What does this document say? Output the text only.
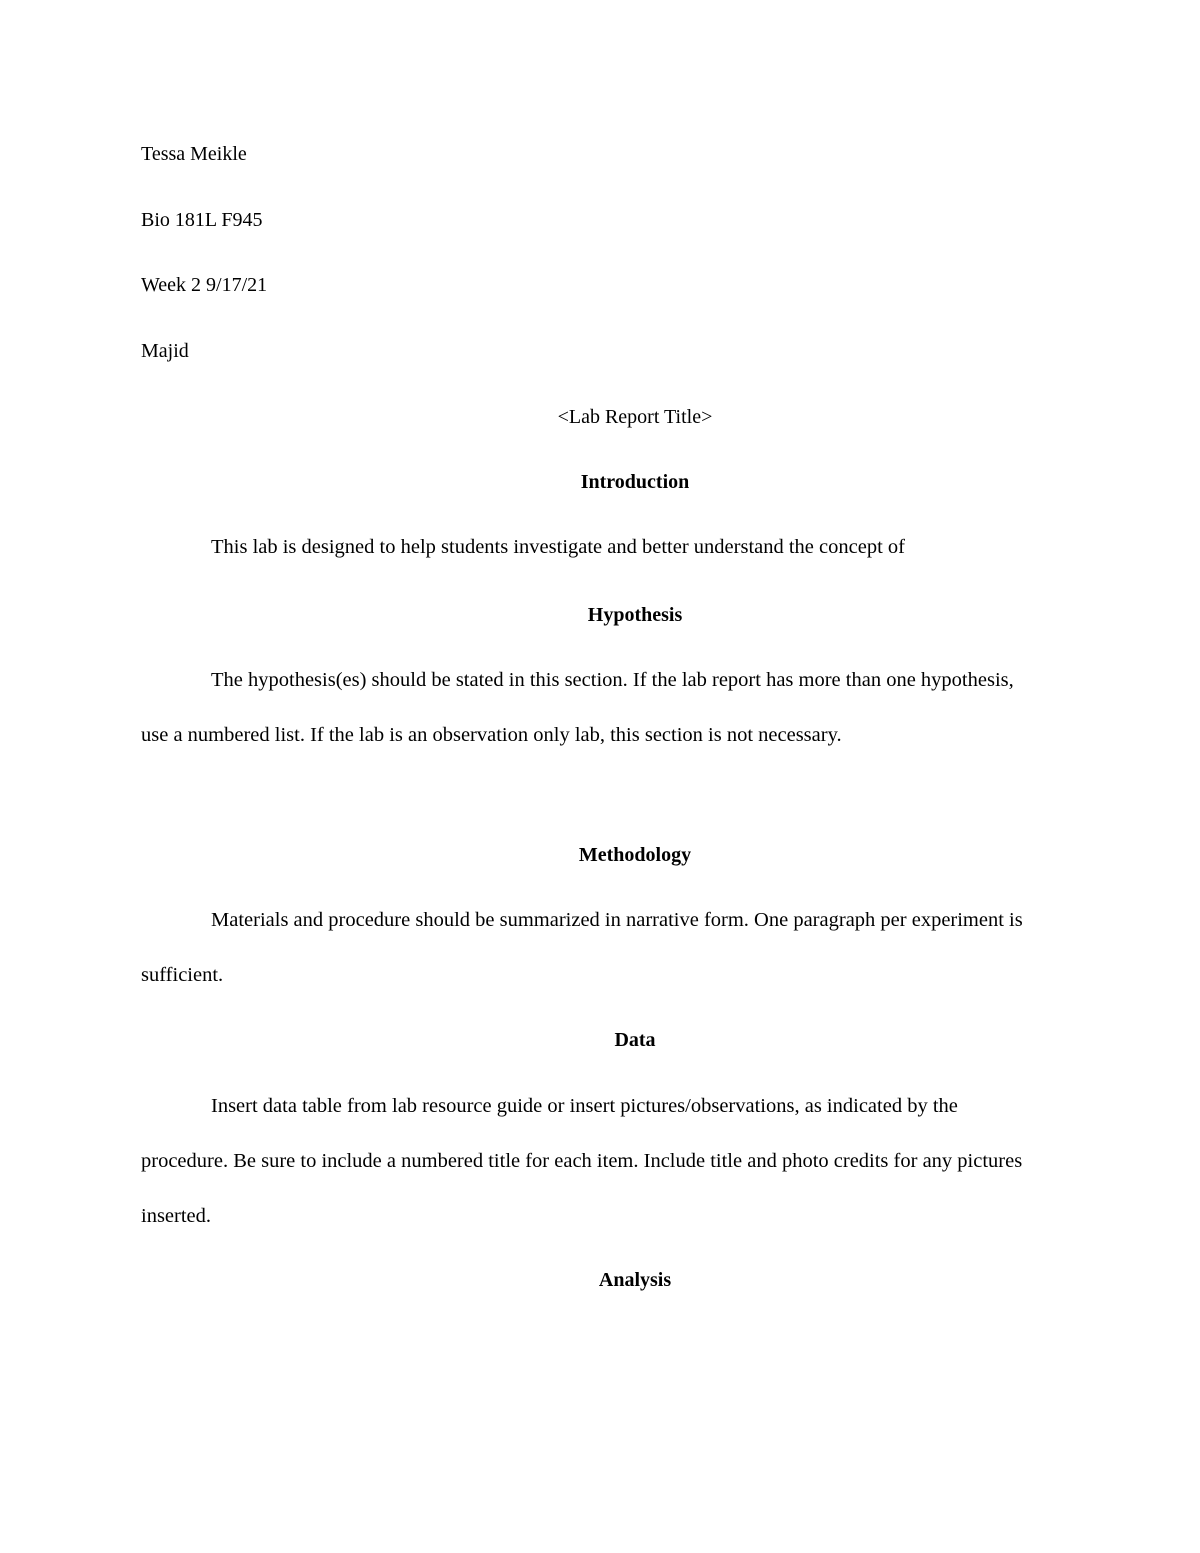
Tessa Meikle
Bio 181L F945
Week 2 9/17/21
Majid
<Lab Report Title>
Introduction

This lab is designed to help students investigate and better understand the concept of

Hypothesis

The hypothesis(es) should be stated in this section. If the lab report has more than one hypothesis, use a numbered list. If the lab is an observation only lab, this section is not necessary.

Methodology

Materials and procedure should be summarized in narrative form. One paragraph per experiment is sufficient.

Data

Insert data table from lab resource guide or insert pictures/observations, as indicated by the procedure. Be sure to include a numbered title for each item. Include title and photo credits for any pictures inserted.

Analysis
